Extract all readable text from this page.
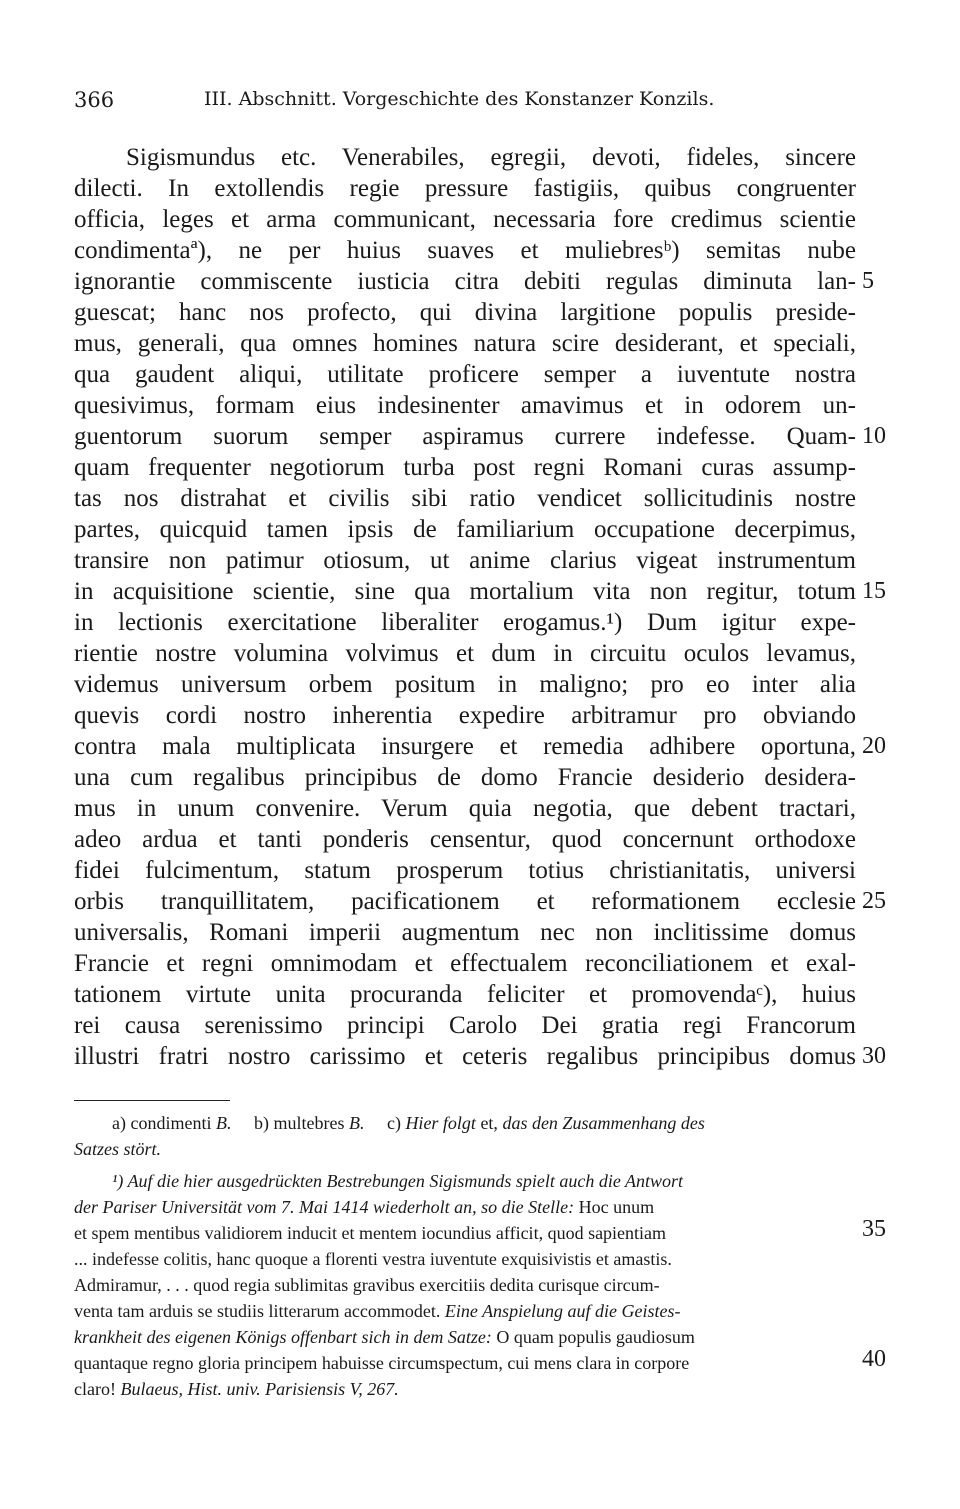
366	III. Abschnitt. Vorgeschichte des Konstanzer Konzils.
Sigismundus etc. Venerabiles, egregii, devoti, fideles, sincere
dilecti. In extollendis regie pressure fastigiis, quibus congruenter
officia, leges et arma communicant, necessaria fore credimus scientie
condimentaª), ne per huius suaves et muliebresᵇ) semitas nube
ignorantie commiscente iusticia citra debiti regulas diminuta lan- 5
guescat; hanc nos profecto, qui divina largitione populis preside-
mus, generali, qua omnes homines natura scire desiderant, et speciali,
qua gaudent aliqui, utilitate proficere semper a iuventute nostra
quesivimus, formam eius indesinenter amavimus et in odorem un-
guentorum suorum semper aspiramus currere indefesse. Quam- 10
quam frequenter negotiorum turba post regni Romani curas assump-
tas nos distrahat et civilis sibi ratio vendicet sollicitudinis nostre
partes, quicquid tamen ipsis de familiarium occupatione decerpimus,
transire non patimur otiosum, ut anime clarius vigeat instrumentum
in acquisitione scientie, sine qua mortalium vita non regitur, totum 15
in lectionis exercitatione liberaliter erogamus.¹) Dum igitur expe-
rientie nostre volumina volvimus et dum in circuitu oculos levamus,
videmus universum orbem positum in maligno; pro eo inter alia
quevis cordi nostro inherentia expedire arbitramur pro obviando
contra mala multiplicata insurgere et remedia adhibere oportuna, 20
una cum regalibus principibus de domo Francie desiderio desidera-
mus in unum convenire. Verum quia negotia, que debent tractari,
adeo ardua et tanti ponderis censentur, quod concernunt orthodoxe
fidei fulcimentum, statum prosperum totius christianitatis, universi
orbis tranquillitatem, pacificationem et reformationem ecclesie 25
universalis, Romani imperii augmentum nec non inclitissime domus
Francie et regni omnimodam et effectualem reconciliationem et exal-
tationem virtute unita procuranda feliciter et promovendaᶜ), huius
rei causa serenissimo principi Carolo Dei gratia regi Francorum
illustri fratri nostro carissimo et ceteris regalibus principibus domus 30
a) condimenti B. b) multebres B. c) Hier folgt et, das den Zusammenhang des
Satzes stört.
¹) Auf die hier ausgedrückten Bestrebungen Sigismunds spielt auch die Antwort
der Pariser Universität vom 7. Mai 1414 wiederholt an, so die Stelle: Hoc unum
et spem mentibus validiorem inducit et mentem iocundius afficit, quod sapientiam	35
... indefesse colitis, hanc quoque a florenti vestra iuventute exquisivistis et amastis.
Admiramur, . . . quod regia sublimitas gravibus exercitiis dedita curisque circum-
venta tam arduis se studiis litterarum accommodet. Eine Anspielung auf die Geistes-
krankheit des eigenen Königs offenbart sich in dem Satze: O quam populis gaudiosum
quantaque regno gloria principem habuisse circumspectum, cui mens clara in corpore	40
claro! Bulaeus, Hist. univ. Parisiensis V, 267.
